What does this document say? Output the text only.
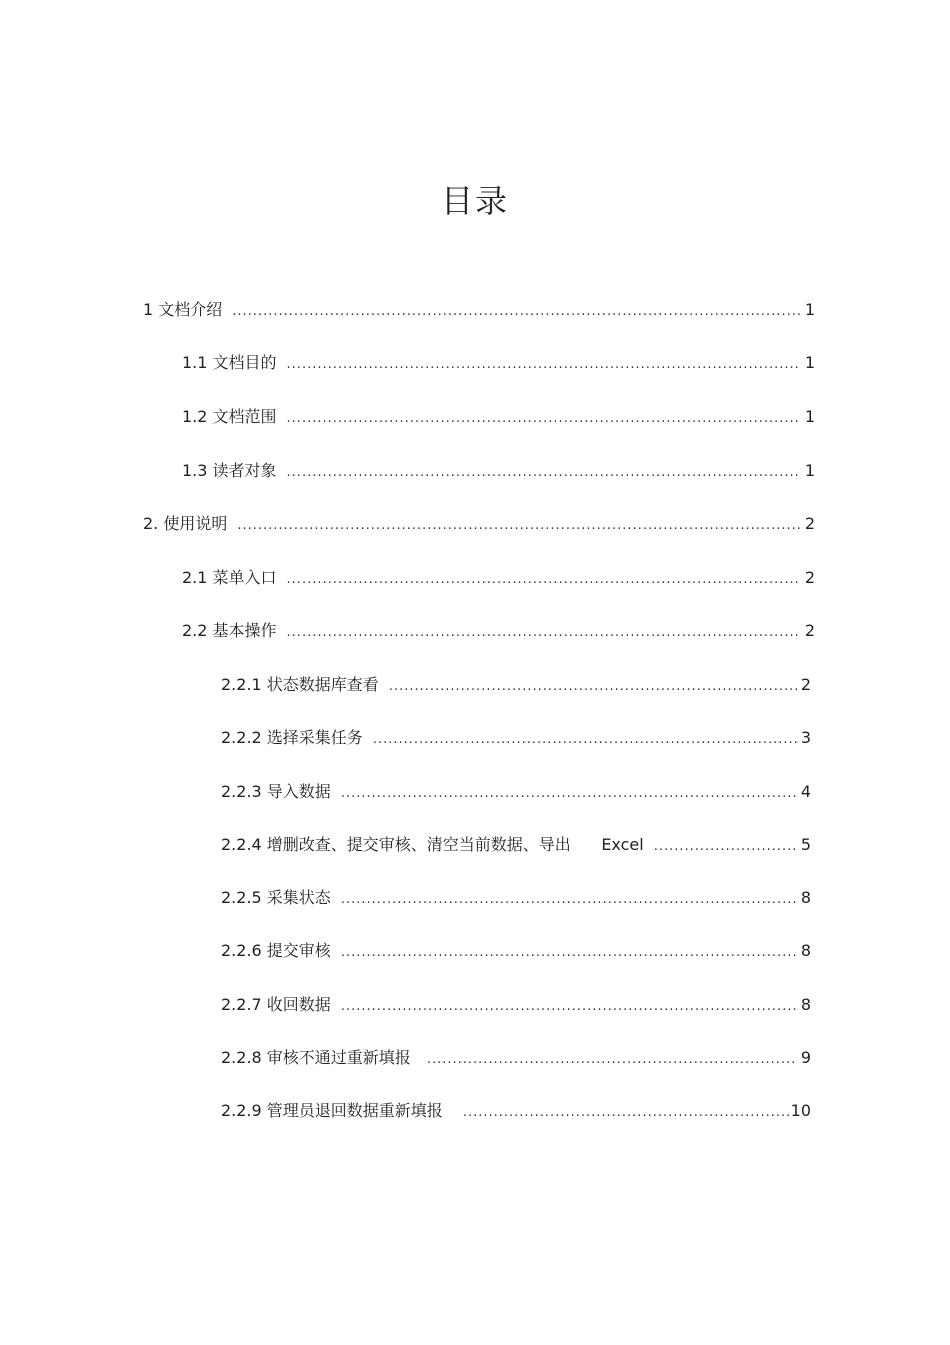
目录
1 文档介绍 .....	1
1.1 文档目的 .....	1
1.2 文档范围 .....	1
1.3 读者对象 .....	1
2. 使用说明 .....	2
2.1 菜单入口 .....	2
2.2 基本操作 .....	2
2.2.1 状态数据库查看 .....	2
2.2.2 选择采集任务 .....	3
2.2.3 导入数据 .....	4
2.2.4 增删改查、提交审核、清空当前数据、导出      Excel .....	5
2.2.5 采集状态 .....	8
2.2.6 提交审核 .....	8
2.2.7 收回数据 .....	8
2.2.8 审核不通过重新填报 .....	9
2.2.9 管理员退回数据重新填报 .....	10
